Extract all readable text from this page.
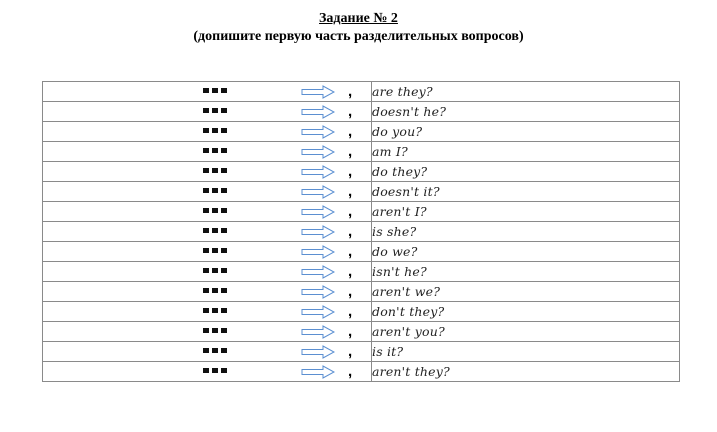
Задание № 2
(допишите первую часть разделительных вопросов)
,	are they?

,	doesn't he?

,	do you?

,	am I?

,	do they?

,	doesn't it?

,	aren't I?

,	is she?

,	do we?

,	isn't he?

,	aren't we?

,	don't they?

,	aren't you?

,	is it?

,	aren't they?
